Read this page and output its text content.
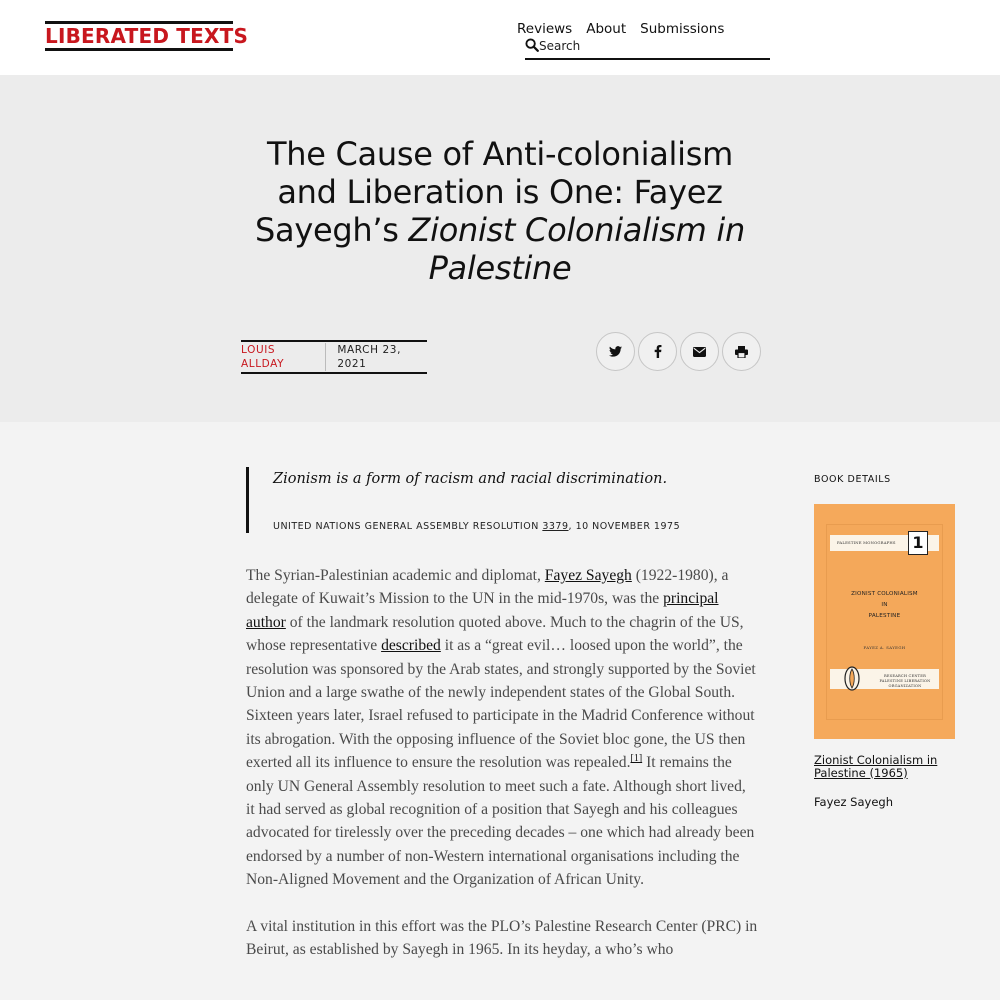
LIBERATED TEXTS	Reviews About Submissions
Search
The Cause of Anti-colonialism and Liberation is One: Fayez Sayegh’s Zionist Colonialism in Palestine
LOUIS ALLDAY
MARCH 23, 2021

Zionism is a form of racism and racial discrimination.

UNITED NATIONS GENERAL ASSEMBLY RESOLUTION 3379, 10 NOVEMBER 1975

The Syrian-Palestinian academic and diplomat, Fayez Sayegh (1922-1980), a delegate of Kuwait’s Mission to the UN in the mid-1970s, was the principal author of the landmark resolution quoted above. Much to the chagrin of the US, whose representative described it as a “great evil… loosed upon the world”, the resolution was sponsored by the Arab states, and strongly supported by the Soviet Union and a large swathe of the newly independent states of the Global South. Sixteen years later, Israel refused to participate in the Madrid Conference without its abrogation. With the opposing influence of the Soviet bloc gone, the US then exerted all its influence to ensure the resolution was repealed.[1] It remains the only UN General Assembly resolution to meet such a fate. Although short lived, it had served as global recognition of a position that Sayegh and his colleagues advocated for tirelessly over the preceding decades – one which had already been endorsed by a number of non-Western international organisations including the Non-Aligned Movement and the Organization of African Unity.

A vital institution in this effort was the PLO’s Palestine Research Center (PRC) in Beirut, as established by Sayegh in 1965. In its heyday, a who’s who

BOOK DETAILS
PALESTINE MONOGRAPHS 1
ZIONIST COLONIALISM
IN
PALESTINE
FAYEZ A. SAYEGH
RESEARCH CENTER
PALESTINE LIBERATION ORGANIZATION
Zionist Colonialism in Palestine (1965)
Fayez Sayegh
